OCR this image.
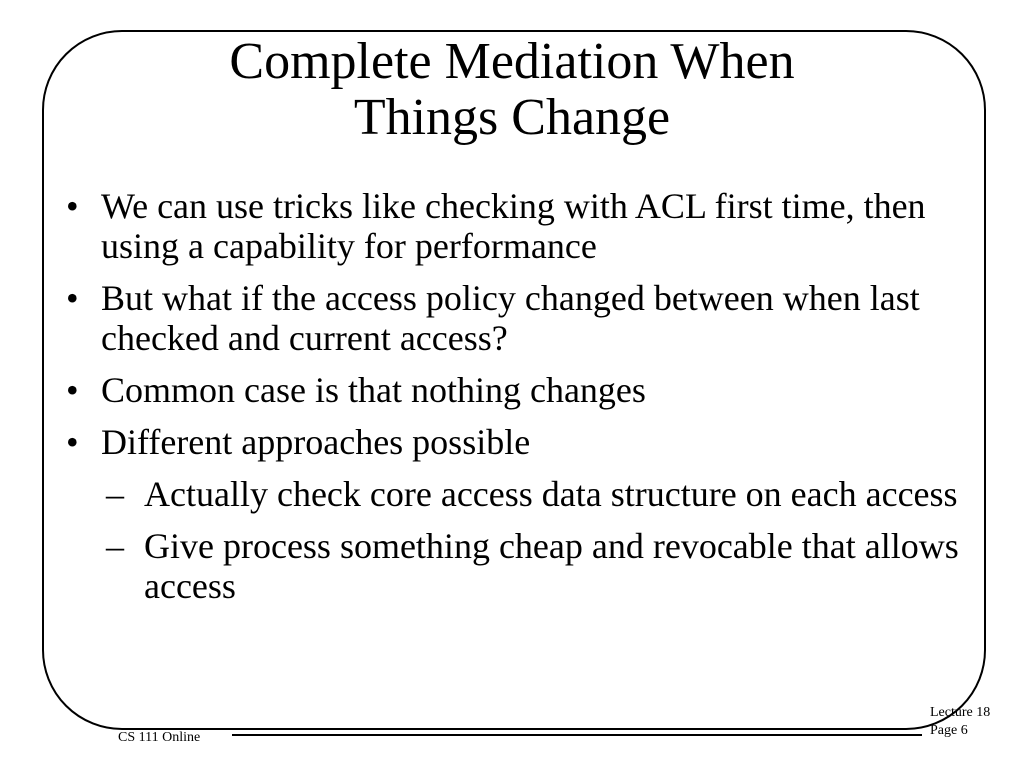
Complete Mediation When
Things Change
• We can use tricks like checking with ACL first time, then using a capability for performance
• But what if the access policy changed between when last checked and current access?
• Common case is that nothing changes
• Different approaches possible
– Actually check core access data structure on each access
– Give process something cheap and revocable that allows access
CS 111 Online
Lecture 18
Page 6
